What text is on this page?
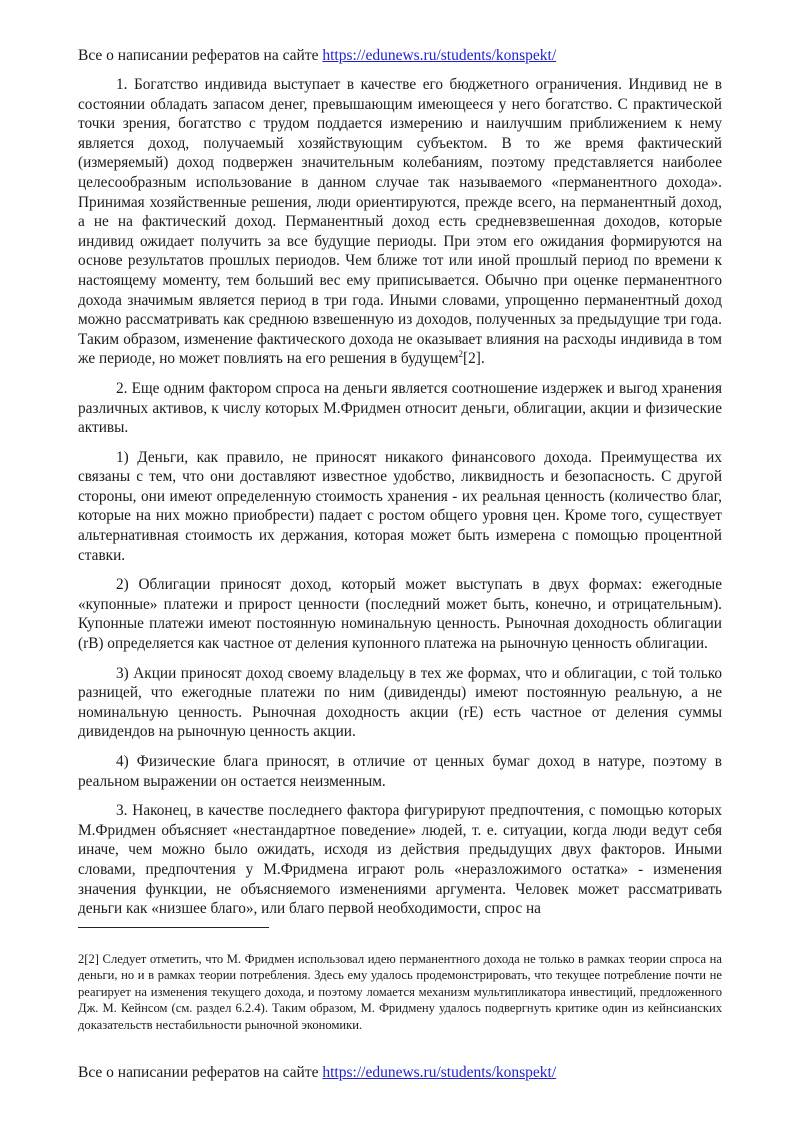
Все о написании рефератов на сайте https://edunews.ru/students/konspekt/

1. Богатство индивида выступает в качестве его бюджетного ограничения. Индивид не в состоянии обладать запасом денег, превышающим имеющееся у него богатство. С практической точки зрения, богатство с трудом поддается измерению и наилучшим приближением к нему является доход, получаемый хозяйствующим субъектом. В то же время фактический (измеряемый) доход подвержен значительным колебаниям, поэтому представляется наиболее целесообразным использование в данном случае так называемого «перманентного дохода». Принимая хозяйственные решения, люди ориентируются, прежде всего, на перманентный доход, а не на фактический доход. Перманентный доход есть средневзвешенная доходов, которые индивид ожидает получить за все будущие периоды. При этом его ожидания формируются на основе результатов прошлых периодов. Чем ближе тот или иной прошлый период по времени к настоящему моменту, тем больший вес ему приписывается. Обычно при оценке перманентного дохода значимым является период в три года. Иными словами, упрощенно перманентный доход можно рассматривать как среднюю взвешенную из доходов, полученных за предыдущие три года. Таким образом, изменение фактического дохода не оказывает влияния на расходы индивида в том же периоде, но может повлиять на его решения в будущем$^2$[2].

2. Еще одним фактором спроса на деньги является соотношение издержек и выгод хранения различных активов, к числу которых М.Фридмен относит деньги, облигации, акции и физические активы.

1) Деньги, как правило, не приносят никакого финансового дохода. Преимущества их связаны с тем, что они доставляют известное удобство, ликвидность и безопасность. С другой стороны, они имеют определенную стоимость хранения - их реальная ценность (количество благ, которые на них можно приобрести) падает с ростом общего уровня цен. Кроме того, существует альтернативная стоимость их держания, которая может быть измерена с помощью процентной ставки.

2) Облигации приносят доход, который может выступать в двух формах: ежегодные «купонные» платежи и прирост ценности (последний может быть, конечно, и отрицательным). Купонные платежи имеют постоянную номинальную ценность. Рыночная доходность облигации (rB) определяется как частное от деления купонного платежа на рыночную ценность облигации.

3) Акции приносят доход своему владельцу в тех же формах, что и облигации, с той только разницей, что ежегодные платежи по ним (дивиденды) имеют постоянную реальную, а не номинальную ценность. Рыночная доходность акции (rE) есть частное от деления суммы дивидендов на рыночную ценность акции.

4) Физические блага приносят, в отличие от ценных бумаг доход в натуре, поэтому в реальном выражении он остается неизменным.

3. Наконец, в качестве последнего фактора фигурируют предпочтения, с помощью которых М.Фридмен объясняет «нестандартное поведение» людей, т. е. ситуации, когда люди ведут себя иначе, чем можно было ожидать, исходя из действия предыдущих двух факторов. Иными словами, предпочтения у М.Фридмена играют роль «неразложимого остатка» - изменения значения функции, не объясняемого изменениями аргумента. Человек может рассматривать деньги как «низшее благо», или благо первой необходимости, спрос на

2[2] Следует отметить, что М. Фридмен использовал идею перманентного дохода не только в рамках теории спроса на деньги, но и в рамках теории потребления. Здесь ему удалось продемонстрировать, что текущее потребление почти не реагирует на изменения текущего дохода, и поэтому ломается механизм мультипликатора инвестиций, предложенного Дж. М. Кейнсом (см. раздел 6.2.4). Таким образом, М. Фридмену удалось подвергнуть критике один из кейнсианских доказательств нестабильности рыночной экономики.
Все о написании рефератов на сайте https://edunews.ru/students/konspekt/
